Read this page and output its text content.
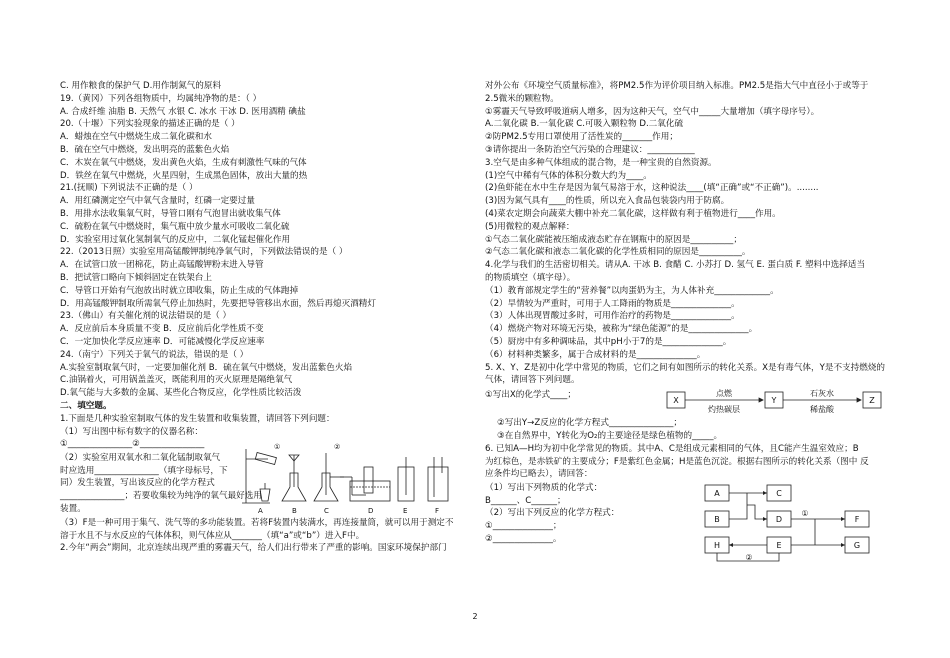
C. 用作粮食的保护气 D.用作制氮气的原料
19.（黄冈）下列各组物质中，均属纯净物的是：（ ）
A. 合成纤维 油脂 B. 天然气 水银 C. 冰水 干冰 D. 医用酒精 碘盐
20.（十堰）下列实验现象的描述正确的是（ ）
A．蜡烛在空气中燃烧生成二氧化碳和水
B．硫在空气中燃烧，发出明亮的蓝紫色火焰
C．木炭在氧气中燃烧，发出黄色火焰，生成有刺激性气味的气体
D．铁丝在氧气中燃烧，火星四射，生成黑色固体，放出大量的热
21.(抚顺) 下列说法不正确的是（ ）
A．用红磷测定空气中氧气含量时，红磷一定要过量
B．用排水法收集氧气时，导管口刚有气泡冒出就收集气体
C．硫粉在氧气中燃烧时，集气瓶中放少量水可吸收二氧化硫
D．实验室用过氧化氢制氧气的反应中，二氧化锰起催化作用
22.（2013日照）实验室用高锰酸钾制纯净氧气时，下列做法错误的是（ ）
A．在试管口放一团棉花，防止高锰酸钾粉末进入导管
B．把试管口略向下倾斜固定在铁架台上
C．导管口开始有气泡放出时就立即收集，防止生成的气体跑掉
D．用高锰酸钾制取所需氧气停止加热时，先要把导管移出水面，然后再熄灭酒精灯
23.（佛山）有关催化剂的说法错误的是（ ）
A．反应前后本身质量不变 B．反应前后化学性质不变
C．一定加快化学反应速率 D．可能减慢化学反应速率
24.（南宁）下列关于氧气的说法，错误的是（ ）
A.实验室制取氧气时，一定要加催化剂 B．硫在氧气中燃烧，发出蓝紫色火焰
C.油锅着火，可用锅盖盖灭，既能利用的灭火原理是隔绝氧气
D.氧气能与大多数的金属、某些化合物反应，化学性质比较活泼
二、填空题。
1.下面是几种实验室制取气体的发生装置和收集装置，请回答下列问题：
（1）写出图中标有数字的仪器名称：
①_______________②_______________
（2）实验室用双氧水和二氧化锰制取氧气
时应选用_______________（填字母标号，下
同）发生装置，写出该反应的化学方程式
_______________；若要收集较为纯净的氧气最好选用
装置。	A	B	C	D	E	F
①	②
（3）F是一种可用于集气、洗气等的多功能装置。若将F装置内装满水，再连接量筒，就可以用于测定不
溶于水且不与水反应的气体体积，则气体应从_______（填“a”或“b”）进入F中。
2.今年“两会”期间，北京连续出现严重的雾霾天气，给人们出行带来了严重的影响。国家环境保护部门
对外公布《环境空气质量标准》，将PM2.5作为评价项目纳入标准。PM2.5是指大气中直径小于或等于
2.5微米的颗粒物。
①雾霾天气导致呼吸道病人增多，因为这种天气，空气中_____大量增加（填字母序号）。
A.二氧化碳 B.一氧化碳 C.可吸入颗粒物 D.二氧化硫
②防PM2.5专用口罩使用了活性炭的_______作用；
③请你提出一条防治空气污染的合理建议：___________
3.空气是由多种气体组成的混合物，是一种宝贵的自然资源。
(1)空气中稀有气体的体积分数大约为____。
(2)鱼虾能在水中生存是因为氧气易溶于水，这种说法____(填“正确”或“不正确”)。........
(3)因为氮气具有____的性质，所以充入食品包装袋内用于防腐。
(4)菜农定期会向蔬菜大棚中补充二氧化碳，这样做有利于植物进行____作用。
(5)用微粒的观点解释：
①气态二氧化碳能被压缩成液态贮存在钢瓶中的原因是__________；
②气态二氧化碳和液态二氧化碳的化学性质相同的原因是__________。
4.化学与我们的生活密切相关。请从A. 干冰 B. 食醋 C. 小苏打 D. 氢气 E. 蛋白质 F. 塑料中选择适当
的物质填空（填字母）。
（1）教育部规定学生的“营养餐”以肉蛋奶为主，为人体补充_____________。
（2）旱情较为严重时，可用于人工降雨的物质是______________。
（3）人体出现胃酸过多时，可用作治疗的药物是______________。
（4）燃烧产物对环境无污染，被称为“绿色能源”的是______________。
（5）厨房中有多种调味品，其中pH小于7的是______________。
（6）材料种类繁多，属于合成材料的是______________。
5. X、Y、Z是初中化学中常见的物质，它们之间有如图所示的转化关系。X是有毒气体，Y是不支持燃烧的
气体，请回答下列问题。
①写出X的化学式____；
X	Y	Z
点燃
灼热碳层
石灰水
稀盐酸
②写出Y→Z反应的化学方程式_______________；
③在自然界中，Y转化为O₂的主要途径是绿色植物的_____。
6. 已知A—H均为初中化学常见的物质。其中A、C是组成元素相同的气体，且C能产生温室效应；B
为红棕色，是赤铁矿的主要成分；F是紫红色金属；H是蓝色沉淀。根据右图所示的转化关系（图中 反
应条件均已略去），请回答：
（1）写出下列物质的化学式：
B______、C______；
（2）写出下列反应的化学方程式：
①______________；
②______________。
A
B
C
D
E
F
G
H
①
②
2
